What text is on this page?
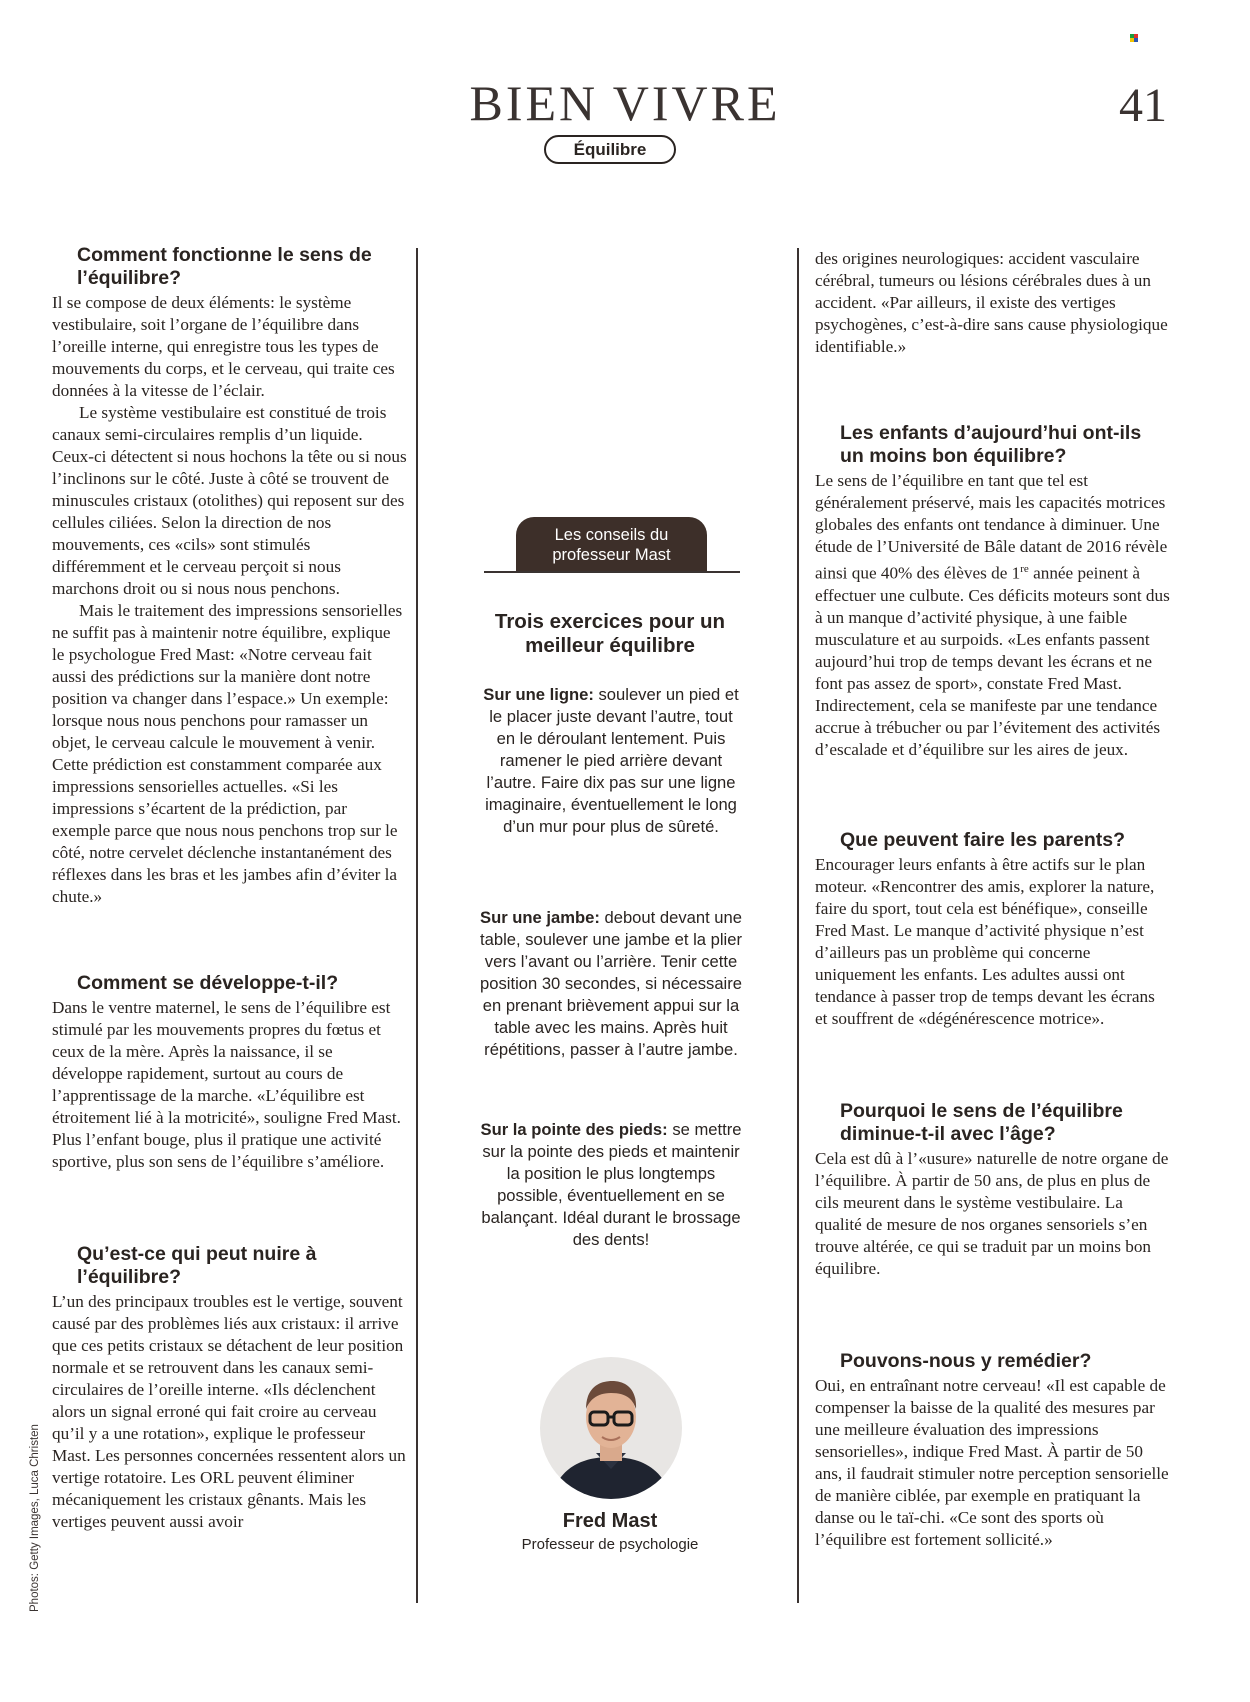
BIEN VIVRE	41
Équilibre
Comment fonctionne le sens de l’équilibre?

Il se compose de deux éléments: le système vestibulaire, soit l’organe de l’équilibre dans l’oreille interne, qui enregistre tous les types de mouvements du corps, et le cerveau, qui traite ces données à la vitesse de l’éclair.

Le système vestibulaire est constitué de trois canaux semi-circulaires remplis d’un liquide. Ceux-ci détectent si nous hochons la tête ou si nous l’inclinons sur le côté. Juste à côté se trouvent de minuscules cristaux (otolithes) qui reposent sur des cellules ciliées. Selon la direction de nos mouvements, ces «cils» sont stimulés différemment et le cerveau perçoit si nous marchons droit ou si nous nous penchons.

Mais le traitement des impressions sensorielles ne suffit pas à maintenir notre équilibre, explique le psychologue Fred Mast: «Notre cerveau fait aussi des prédictions sur la manière dont notre position va changer dans l’espace.» Un exemple: lorsque nous nous penchons pour ramasser un objet, le cerveau calcule le mouvement à venir. Cette prédiction est constamment comparée aux impressions sensorielles actuelles. «Si les impressions s’écartent de la prédiction, par exemple parce que nous nous penchons trop sur le côté, notre cervelet déclenche instantanément des réflexes dans les bras et les jambes afin d’éviter la chute.»

Comment se développe-t-il?

Dans le ventre maternel, le sens de l’équilibre est stimulé par les mouvements propres du fœtus et ceux de la mère. Après la naissance, il se développe rapidement, surtout au cours de l’apprentissage de la marche. «L’équilibre est étroitement lié à la motricité», souligne Fred Mast. Plus l’enfant bouge, plus il pratique une activité sportive, plus son sens de l’équilibre s’améliore.

Qu’est-ce qui peut nuire à l’équilibre?

L’un des principaux troubles est le vertige, souvent causé par des problèmes liés aux cristaux: il arrive que ces petits cristaux se détachent de leur position normale et se retrouvent dans les canaux semi-circulaires de l’oreille interne. «Ils déclenchent alors un signal erroné qui fait croire au cerveau qu’il y a une rotation», explique le professeur Mast. Les personnes concernées ressentent alors un vertige rotatoire. Les ORL peuvent éliminer mécaniquement les cristaux gênants. Mais les vertiges peuvent aussi avoir

Les conseils du professeur Mast
Trois exercices pour un meilleur équilibre
Sur une ligne: soulever un pied et le placer juste devant l’autre, tout en le déroulant lentement. Puis ramener le pied arrière devant l’autre. Faire dix pas sur une ligne imaginaire, éventuellement le long d’un mur pour plus de sûreté.
Sur une jambe: debout devant une table, soulever une jambe et la plier vers l’avant ou l’arrière. Tenir cette position 30 secondes, si nécessaire en prenant brièvement appui sur la table avec les mains. Après huit répétitions, passer à l’autre jambe.
Sur la pointe des pieds: se mettre sur la pointe des pieds et maintenir la position le plus longtemps possible, éventuellement en se balançant. Idéal durant le brossage des dents!
Fred Mast
Professeur de psychologie

des origines neurologiques: accident vasculaire cérébral, tumeurs ou lésions cérébrales dues à un accident. «Par ailleurs, il existe des vertiges psychogènes, c’est-à-dire sans cause physiologique identifiable.»

Les enfants d’aujourd’hui ont-ils un moins bon équilibre?

Le sens de l’équilibre en tant que tel est généralement préservé, mais les capacités motrices globales des enfants ont tendance à diminuer. Une étude de l’Université de Bâle datant de 2016 révèle ainsi que 40% des élèves de 1re année peinent à effectuer une culbute. Ces déficits moteurs sont dus à un manque d’activité physique, à une faible musculature et au surpoids. «Les enfants passent aujourd’hui trop de temps devant les écrans et ne font pas assez de sport», constate Fred Mast. Indirectement, cela se manifeste par une tendance accrue à trébucher ou par l’évitement des activités d’escalade et d’équilibre sur les aires de jeux.

Que peuvent faire les parents?

Encourager leurs enfants à être actifs sur le plan moteur. «Rencontrer des amis, explorer la nature, faire du sport, tout cela est bénéfique», conseille Fred Mast. Le manque d’activité physique n’est d’ailleurs pas un problème qui concerne uniquement les enfants. Les adultes aussi ont tendance à passer trop de temps devant les écrans et souffrent de «dégénérescence motrice».

Pourquoi le sens de l’équilibre diminue-t-il avec l’âge?

Cela est dû à l’«usure» naturelle de notre organe de l’équilibre. À partir de 50 ans, de plus en plus de cils meurent dans le système vestibulaire. La qualité de mesure de nos organes sensoriels s’en trouve altérée, ce qui se traduit par un moins bon équilibre.

Pouvons-nous y remédier?

Oui, en entraînant notre cerveau! «Il est capable de compenser la baisse de la qualité des mesures par une meilleure évaluation des impressions sensorielles», indique Fred Mast. À partir de 50 ans, il faudrait stimuler notre perception sensorielle de manière ciblée, par exemple en pratiquant la danse ou le taï-chi. «Ce sont des sports où l’équilibre est fortement sollicité.»

Photos: Getty Images, Luca Christen
